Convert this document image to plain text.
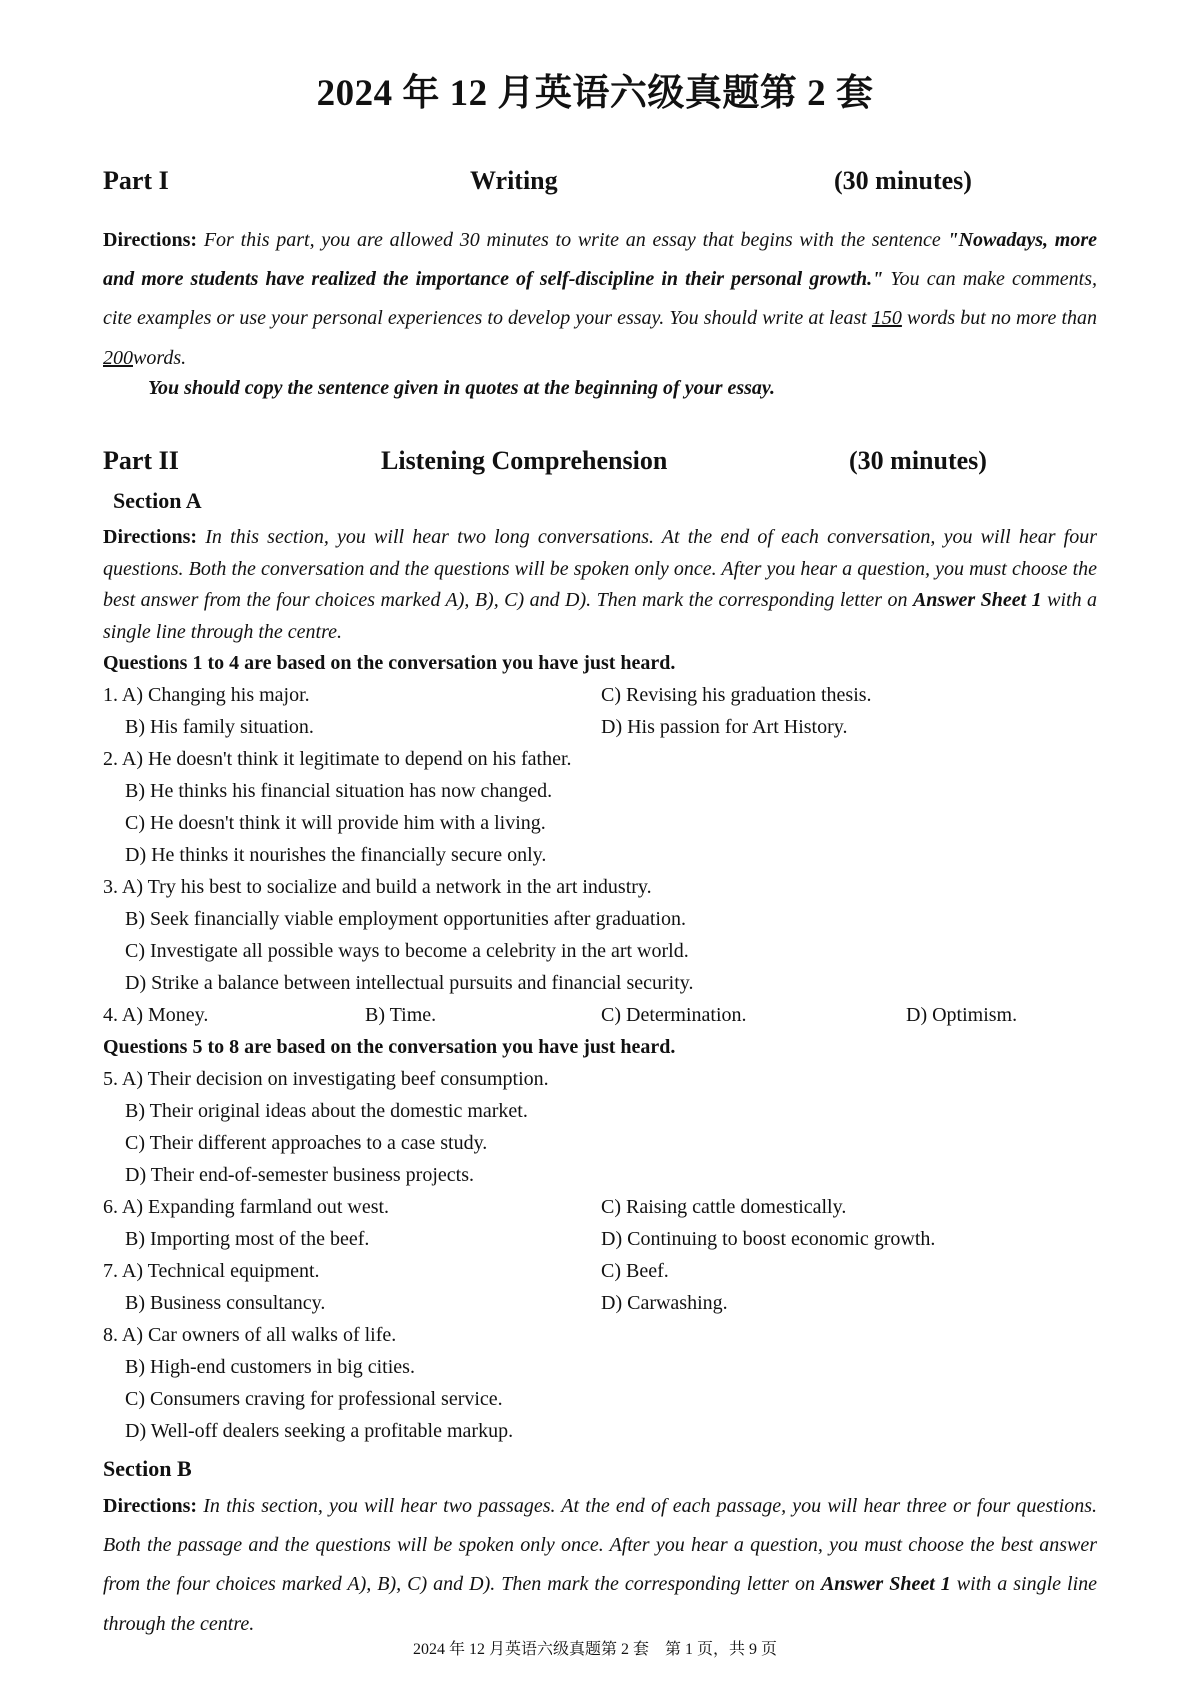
2024 年 12 月英语六级真题第 2 套
Part I	Writing	(30 minutes)
Directions: For this part, you are allowed 30 minutes to write an essay that begins with the sentence "Nowadays, more and more students have realized the importance of self-discipline in their personal growth." You can make comments, cite examples or use your personal experiences to develop your essay. You should write at least 150 words but no more than 200words.
You should copy the sentence given in quotes at the beginning of your essay.
Part II	Listening Comprehension	(30 minutes)
Section A
Directions: In this section, you will hear two long conversations. At the end of each conversation, you will hear four questions. Both the conversation and the questions will be spoken only once. After you hear a question, you must choose the best answer from the four choices marked A), B), C) and D). Then mark the corresponding letter on Answer Sheet 1 with a single line through the centre.
Questions 1 to 4 are based on the conversation you have just heard.
1. A) Changing his major.	C) Revising his graduation thesis.
B) His family situation.	D) His passion for Art History.
2. A) He doesn't think it legitimate to depend on his father.
B) He thinks his financial situation has now changed.
C) He doesn't think it will provide him with a living.
D) He thinks it nourishes the financially secure only.
3. A) Try his best to socialize and build a network in the art industry.
B) Seek financially viable employment opportunities after graduation.
C) Investigate all possible ways to become a celebrity in the art world.
D) Strike a balance between intellectual pursuits and financial security.
4. A) Money.	B) Time.	C) Determination.	D) Optimism.
Questions 5 to 8 are based on the conversation you have just heard.
5. A) Their decision on investigating beef consumption.
B) Their original ideas about the domestic market.
C) Their different approaches to a case study.
D) Their end-of-semester business projects.
6. A) Expanding farmland out west.	C) Raising cattle domestically.
B) Importing most of the beef.	D) Continuing to boost economic growth.
7. A) Technical equipment.	C) Beef.
B) Business consultancy.	D) Carwashing.
8. A) Car owners of all walks of life.
B) High-end customers in big cities.
C) Consumers craving for professional service.
D) Well-off dealers seeking a profitable markup.
Section B
Directions: In this section, you will hear two passages. At the end of each passage, you will hear three or four questions. Both the passage and the questions will be spoken only once. After you hear a question, you must choose the best answer from the four choices marked A), B), C) and D). Then mark the corresponding letter on Answer Sheet 1 with a single line through the centre.
2024 年 12 月英语六级真题第 2 套　第 1 页，共 9 页
